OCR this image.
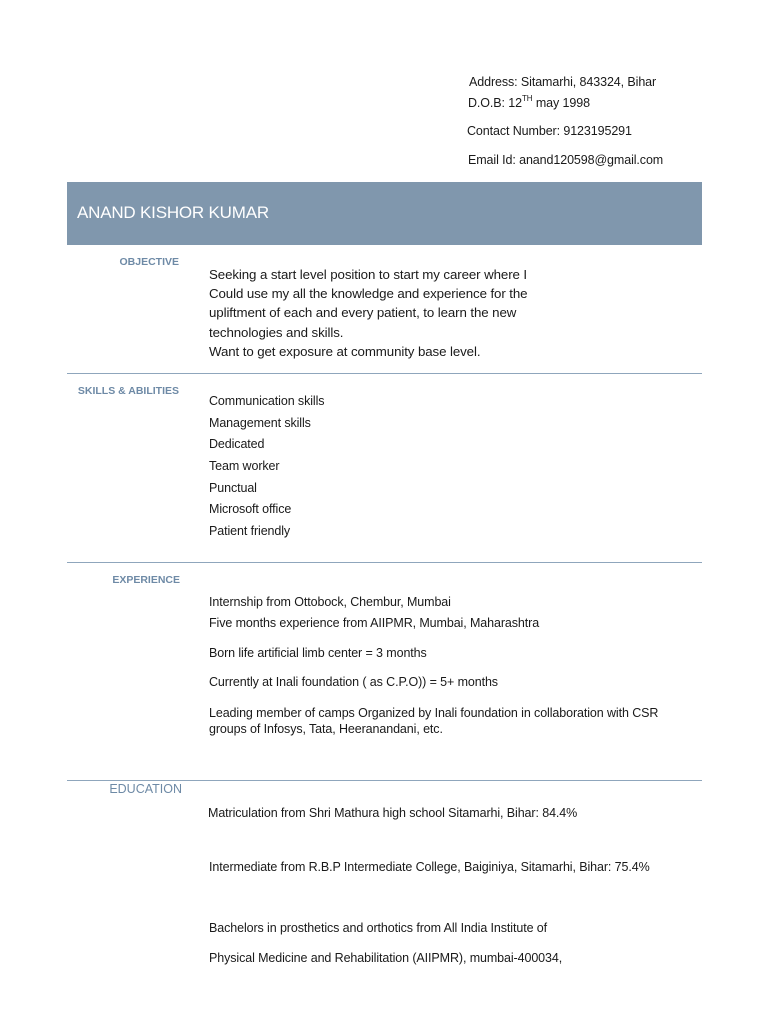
Address: Sitamarhi, 843324, Bihar
D.O.B: 12TH may 1998
Contact Number: 9123195291
Email Id: anand120598@gmail.com
ANAND KISHOR KUMAR
OBJECTIVE
Seeking a start level position to start my career where I
Could use my all the knowledge and experience for the
upliftment of each and every patient, to learn the new
technologies and skills.
Want to get exposure at community base level.
SKILLS & ABILITIES
Communication skills
Management skills
Dedicated
Team worker
Punctual
Microsoft office
Patient friendly
EXPERIENCE
Internship from Ottobock, Chembur, Mumbai
Five months experience from AIIPMR, Mumbai, Maharashtra
Born life artificial limb center = 3 months
Currently at Inali foundation ( as C.P.O)) = 5+ months
Leading member of camps Organized by Inali foundation in collaboration with CSR
groups of Infosys, Tata, Heeranandani, etc.
EDUCATION
Matriculation from Shri Mathura high school Sitamarhi, Bihar: 84.4%
Intermediate from R.B.P Intermediate College, Baiginiya, Sitamarhi, Bihar: 75.4%
Bachelors in prosthetics and orthotics from All India Institute of
Physical Medicine and Rehabilitation (AIIPMR), mumbai-400034,
